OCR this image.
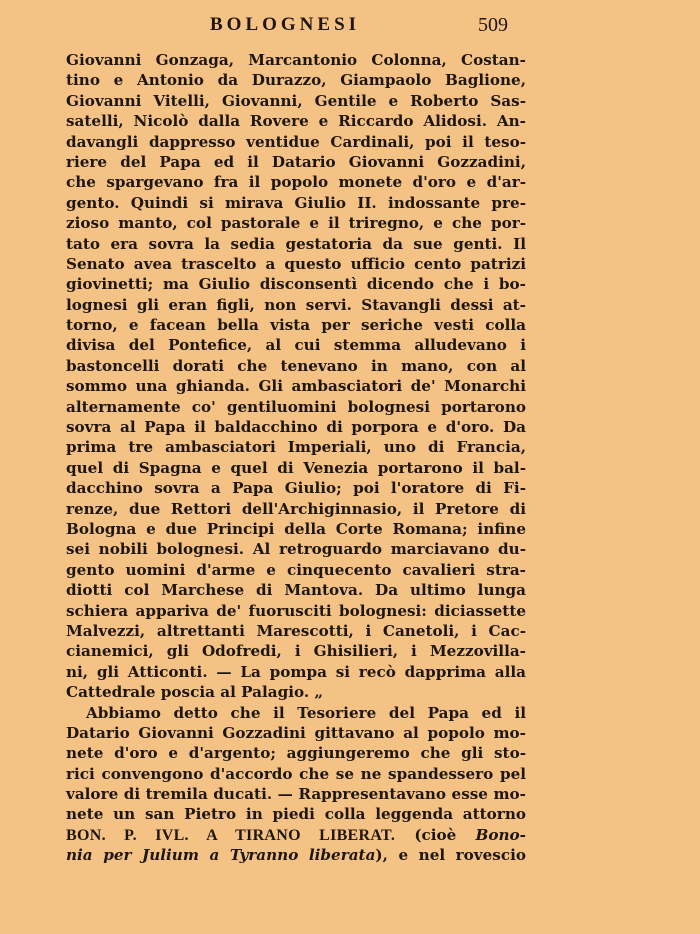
BOLOGNESI	509
Giovanni Gonzaga, Marcantonio Colonna, Costan-
tino e Antonio da Durazzo, Giampaolo Baglione,
Giovanni Vitelli, Giovanni, Gentile e Roberto Sas-
satelli, Nicolò dalla Rovere e Riccardo Alidosi. An-
davangli dappresso ventidue Cardinali, poi il teso-
riere del Papa ed il Datario Giovanni Gozzadini,
che spargevano fra il popolo monete d'oro e d'ar-
gento. Quindi si mirava Giulio II. indossante pre-
zioso manto, col pastorale e il triregno, e che por-
tato era sovra la sedia gestatoria da sue genti. Il
Senato avea trascelto a questo ufficio cento patrizi
giovinetti; ma Giulio disconsentì dicendo che i bo-
lognesi gli eran figli, non servi. Stavangli dessi at-
torno, e facean bella vista per seriche vesti colla
divisa del Pontefice, al cui stemma alludevano i
bastoncelli dorati che tenevano in mano, con al
sommo una ghianda. Gli ambasciatori de' Monarchi
alternamente co' gentiluomini bolognesi portarono
sovra al Papa il baldacchino di porpora e d'oro. Da
prima tre ambasciatori Imperiali, uno di Francia,
quel di Spagna e quel di Venezia portarono il bal-
dacchino sovra a Papa Giulio; poi l'oratore di Fi-
renze, due Rettori dell'Archiginnasio, il Pretore di
Bologna e due Principi della Corte Romana; infine
sei nobili bolognesi. Al retroguardo marciavano du-
gento uomini d'arme e cinquecento cavalieri stra-
diotti col Marchese di Mantova. Da ultimo lunga
schiera appariva de' fuorusciti bolognesi: diciassette
Malvezzi, altrettanti Marescotti, i Canetoli, i Cac-
cianemici, gli Odofredi, i Ghisilieri, i Mezzovilla-
ni, gli Atticonti. — La pompa si recò dapprima alla
Cattedrale poscia al Palagio. „
Abbiamo detto che il Tesoriere del Papa ed il
Datario Giovanni Gozzadini gittavano al popolo mo-
nete d'oro e d'argento; aggiungeremo che gli sto-
rici convengono d'accordo che se ne spandessero pel
valore di tremila ducati. — Rappresentavano esse mo-
nete un san Pietro in piedi colla leggenda attorno
BON. P. IVL. A TIRANO LIBERAT. (cioè Bono-
nia per Julium a Tyranno liberata), e nel rovescio
